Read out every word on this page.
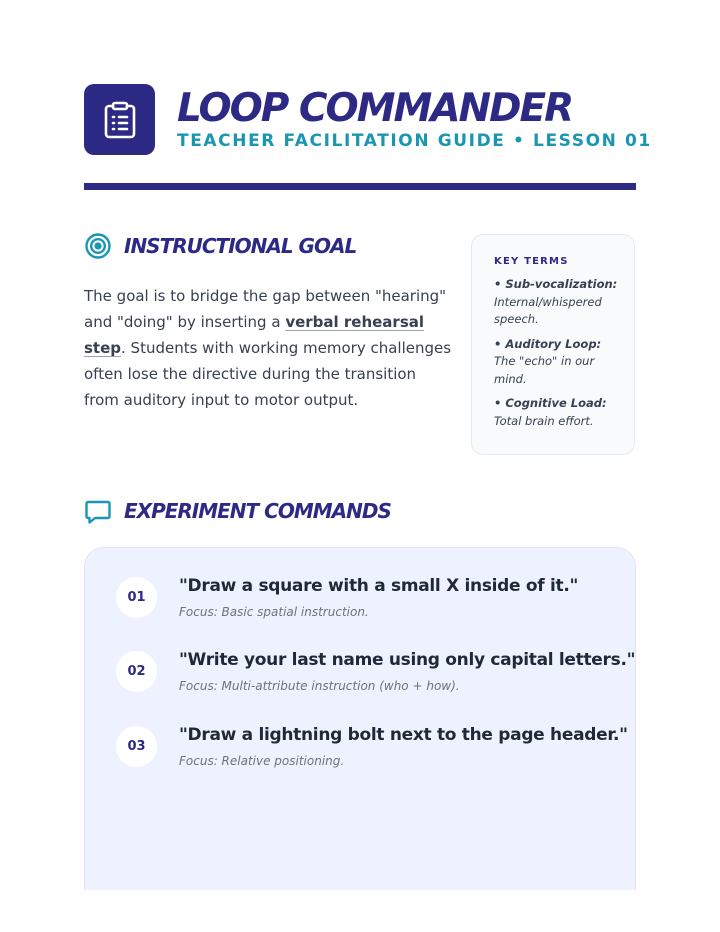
LOOP COMMANDER
TEACHER FACILITATION GUIDE • LESSON 01
INSTRUCTIONAL GOAL

The goal is to bridge the gap between "hearing" and "doing" by inserting a verbal rehearsal step. Students with working memory challenges often lose the directive during the transition from auditory input to motor output.

KEY TERMS
• Sub-vocalization: Internal/whispered speech.
• Auditory Loop: The "echo" in our mind.
• Cognitive Load: Total brain effort.
EXPERIMENT COMMANDS
01
"Draw a square with a small X inside of it."
Focus: Basic spatial instruction.
02
"Write your last name using only capital letters."
Focus: Multi-attribute instruction (who + how).
03
"Draw a lightning bolt next to the page header."
Focus: Relative positioning.
